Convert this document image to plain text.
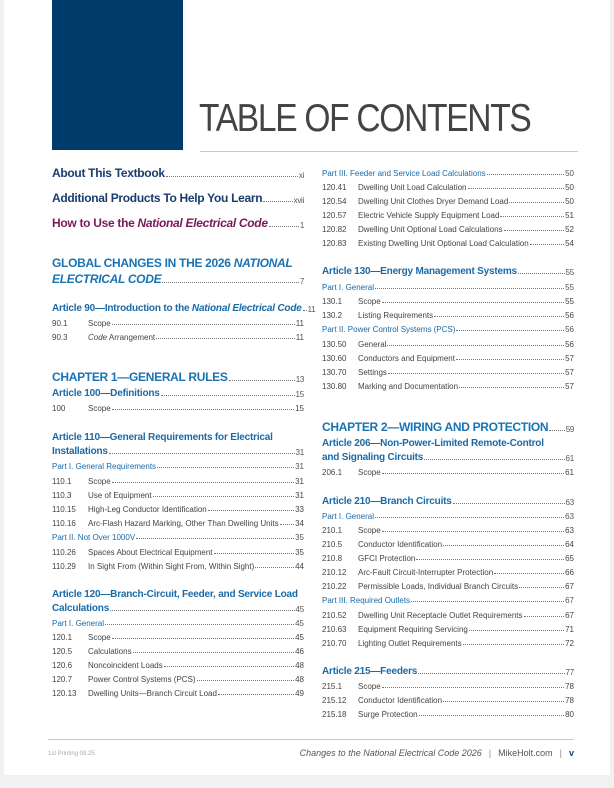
TABLE OF CONTENTS
About This Textbook	xi
Additional Products To Help You Learn	xvii
How to Use the National Electrical Code	1
GLOBAL CHANGES IN THE 2026 NATIONAL
ELECTRICAL CODE	7
Article 90—Introduction to the National Electrical Code 11
90.1	Scope	11
90.3	Code Arrangement	11
CHAPTER 1—GENERAL RULES	13
Article 100—Definitions	15
100	Scope	15
Article 110—General Requirements for Electrical
Installations	31
Part I. General Requirements	31
110.1 Scope	31
110.3 Use of Equipment	31
110.15 High-Leg Conductor Identification	33
110.16 Arc-Flash Hazard Marking, Other Than Dwelling Units 34
Part II. Not Over 1000V	35
110.26 Spaces About Electrical Equipment	35
110.29 In Sight From (Within Sight From, Within Sight)	44
Article 120—Branch-Circuit, Feeder, and Service Load
Calculations	45
Part I. General	45
120.1 Scope	45
120.5 Calculations	46
120.6 Noncoincident Loads	48
120.7 Power Control Systems (PCS)	48
120.13 Dwelling Units—Branch Circuit Load	49
Part III. Feeder and Service Load Calculations	50
120.41 Dwelling Unit Load Calculation	50
120.54 Dwelling Unit Clothes Dryer Demand Load	50
120.57 Electric Vehicle Supply Equipment Load	51
120.82 Dwelling Unit Optional Load Calculations	52
120.83 Existing Dwelling Unit Optional Load Calculation	54
Article 130—Energy Management Systems	55
Part I. General	55
130.1 Scope	55
130.2 Listing Requirements	56
Part II. Power Control Systems (PCS)	56
130.50 General	56
130.60 Conductors and Equipment	57
130.70 Settings	57
130.80 Marking and Documentation	57
CHAPTER 2—WIRING AND PROTECTION 59
Article 206—Non-Power-Limited Remote-Control
and Signaling Circuits	61
206.1 Scope	61
Article 210—Branch Circuits	63
Part I. General	63
210.1 Scope	63
210.5 Conductor Identification	64
210.8 GFCI Protection	65
210.12 Arc-Fault Circuit-Interrupter Protection	66
210.22 Permissible Loads, Individual Branch Circuits	67
Part III. Required Outlets	67
210.52 Dwelling Unit Receptacle Outlet Requirements	67
210.63 Equipment Requiring Servicing	71
210.70 Lighting Outlet Requirements	72
Article 215—Feeders	77
215.1 Scope	78
215.12 Conductor Identification	78
215.18 Surge Protection	80
1st Printing 09.25	Changes to the National Electrical Code 2026 | MikeHolt.com | v
